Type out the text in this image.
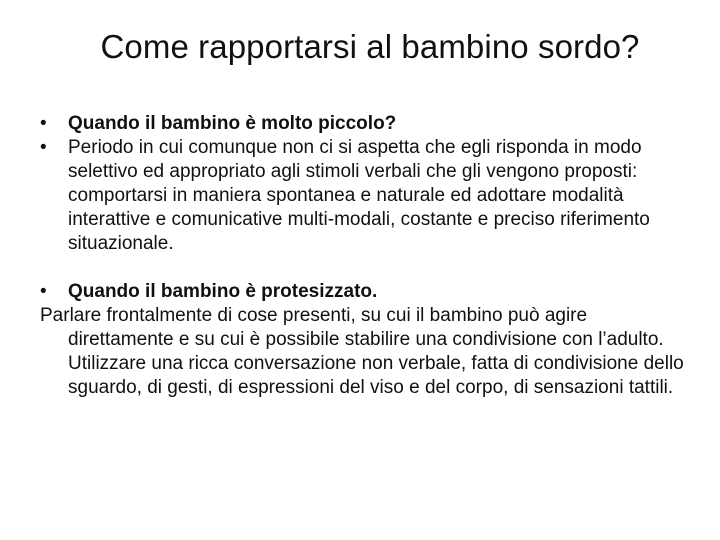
Come rapportarsi al bambino sordo?
• Quando il bambino è molto piccolo?
• Periodo in cui comunque non ci si aspetta che egli risponda in modo selettivo ed appropriato agli stimoli verbali che gli vengono proposti: comportarsi in maniera spontanea e naturale ed adottare modalità interattive e comunicative multi-modali, costante e preciso riferimento situazionale.
• Quando il bambino è protesizzato.
Parlare frontalmente di cose presenti, su cui il bambino può agire direttamente e su cui è possibile stabilire una condivisione con l’adulto. Utilizzare una ricca conversazione non verbale, fatta di condivisione dello sguardo, di gesti, di espressioni del viso e del corpo, di sensazioni tattili.
